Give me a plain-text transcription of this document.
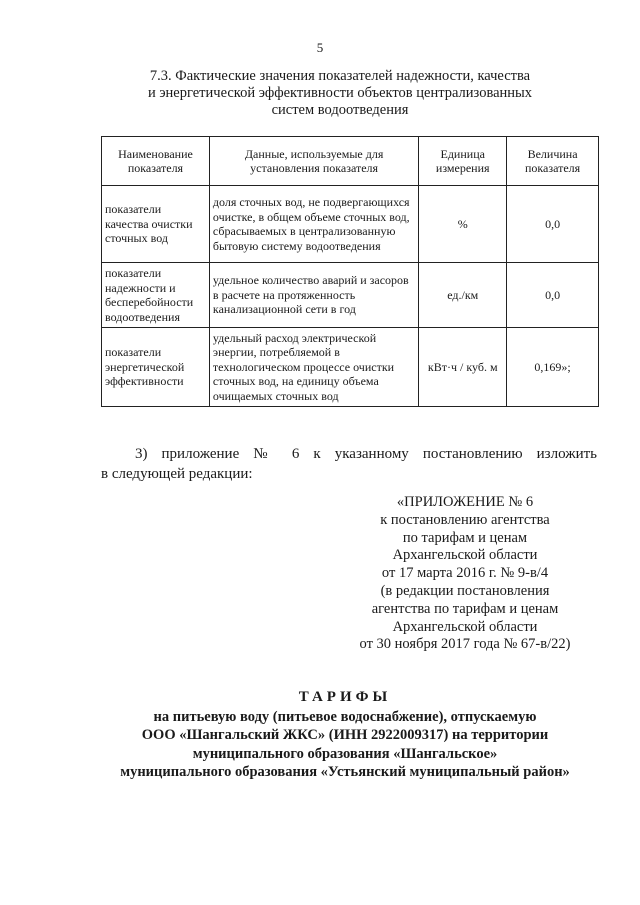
5
7.3. Фактические значения показателей надежности, качества
и энергетической эффективности объектов централизованных
систем водоотведения
Наименование показателя	Данные, используемые для установления показателя	Единица измерения	Величина показателя
показатели качества очистки сточных вод	доля сточных вод, не подвергающихся очистке, в общем объеме сточных вод, сбрасываемых в централизованную бытовую систему водоотведения	%	0,0
показатели надежности и бесперебойности водоотведения	удельное количество аварий и засоров в расчете на протяженность канализационной сети в год	ед./км	0,0
показатели энергетической эффективности	удельный расход электрической энергии, потребляемой в технологическом процессе очистки сточных вод, на единицу объема очищаемых сточных вод	кВт·ч / куб. м	0,169»;
3) приложение № 6 к указанному постановлению изложить
в следующей редакции:
«ПРИЛОЖЕНИЕ № 6
к постановлению агентства
по тарифам и ценам
Архангельской области
от 17 марта 2016 г. № 9-в/4
(в редакции постановления
агентства по тарифам и ценам
Архангельской области
от 30 ноября 2017 года № 67-в/22)
ТАРИФЫ
на питьевую воду (питьевое водоснабжение), отпускаемую
ООО «Шангальский ЖКС» (ИНН 2922009317) на территории
муниципального образования «Шангальское»
муниципального образования «Устьянский муниципальный район»
